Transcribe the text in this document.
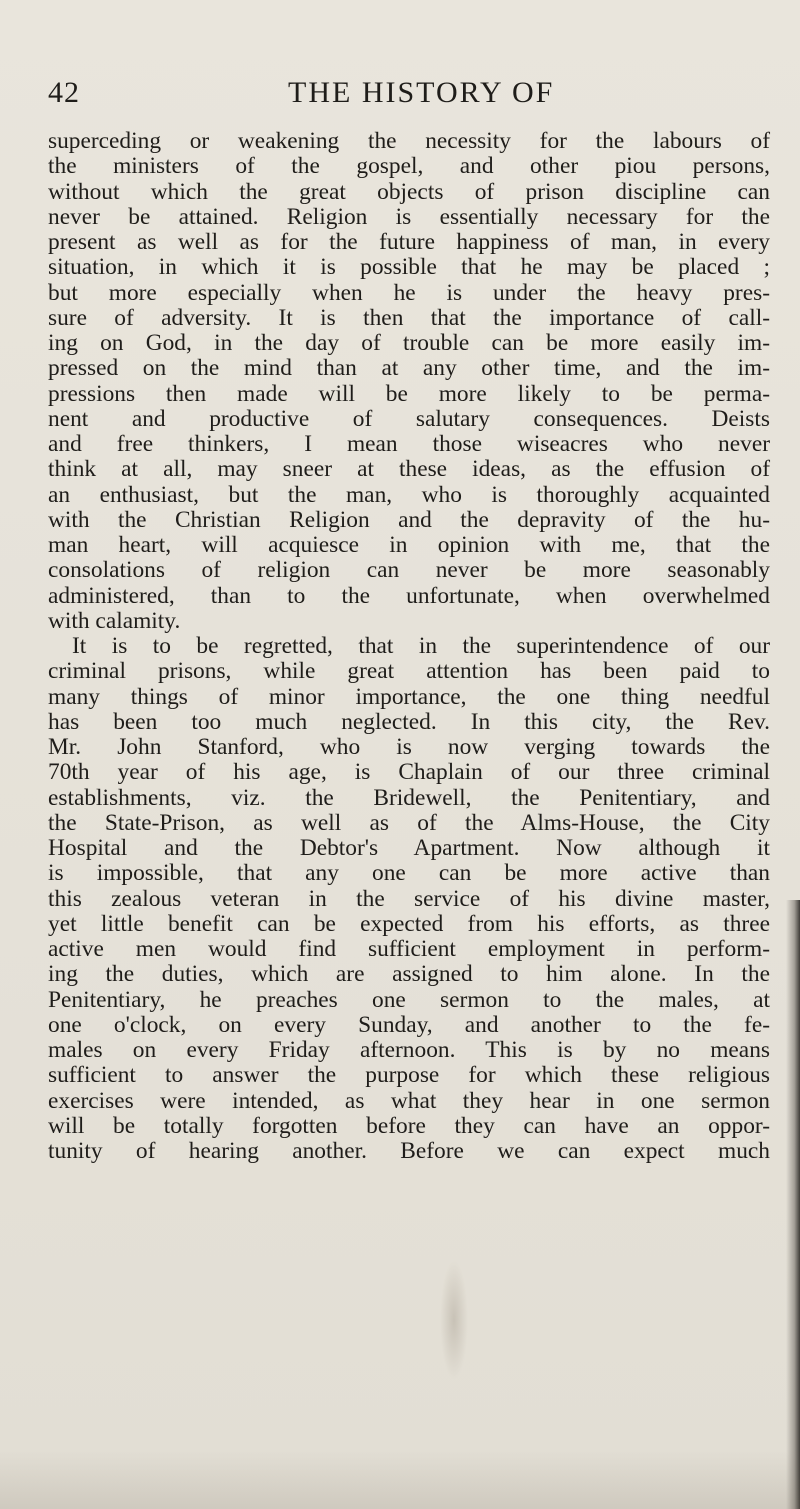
42	THE HISTORY OF
superceding or weakening the necessity for the labours of
the ministers of the gospel, and other piou persons,
without which the great objects of prison discipline can
never be attained. Religion is essentially necessary for the
present as well as for the future happiness of man, in every
situation, in which it is possible that he may be placed ;
but more especially when he is under the heavy pres-
sure of adversity. It is then that the importance of call-
ing on God, in the day of trouble can be more easily im-
pressed on the mind than at any other time, and the im-
pressions then made will be more likely to be perma-
nent and productive of salutary consequences. Deists
and free thinkers, I mean those wiseacres who never
think at all, may sneer at these ideas, as the effusion of
an enthusiast, but the man, who is thoroughly acquainted
with the Christian Religion and the depravity of the hu-
man heart, will acquiesce in opinion with me, that the
consolations of religion can never be more seasonably
administered, than to the unfortunate, when overwhelmed
with calamity.
It is to be regretted, that in the superintendence of our
criminal prisons, while great attention has been paid to
many things of minor importance, the one thing needful
has been too much neglected. In this city, the Rev.
Mr. John Stanford, who is now verging towards the
70th year of his age, is Chaplain of our three criminal
establishments, viz. the Bridewell, the Penitentiary, and
the State-Prison, as well as of the Alms-House, the City
Hospital and the Debtor's Apartment. Now although it
is impossible, that any one can be more active than
this zealous veteran in the service of his divine master,
yet little benefit can be expected from his efforts, as three
active men would find sufficient employment in perform-
ing the duties, which are assigned to him alone. In the
Penitentiary, he preaches one sermon to the males, at
one o'clock, on every Sunday, and another to the fe-
males on every Friday afternoon. This is by no means
sufficient to answer the purpose for which these religious
exercises were intended, as what they hear in one sermon
will be totally forgotten before they can have an oppor-
tunity of hearing another. Before we can expect much
